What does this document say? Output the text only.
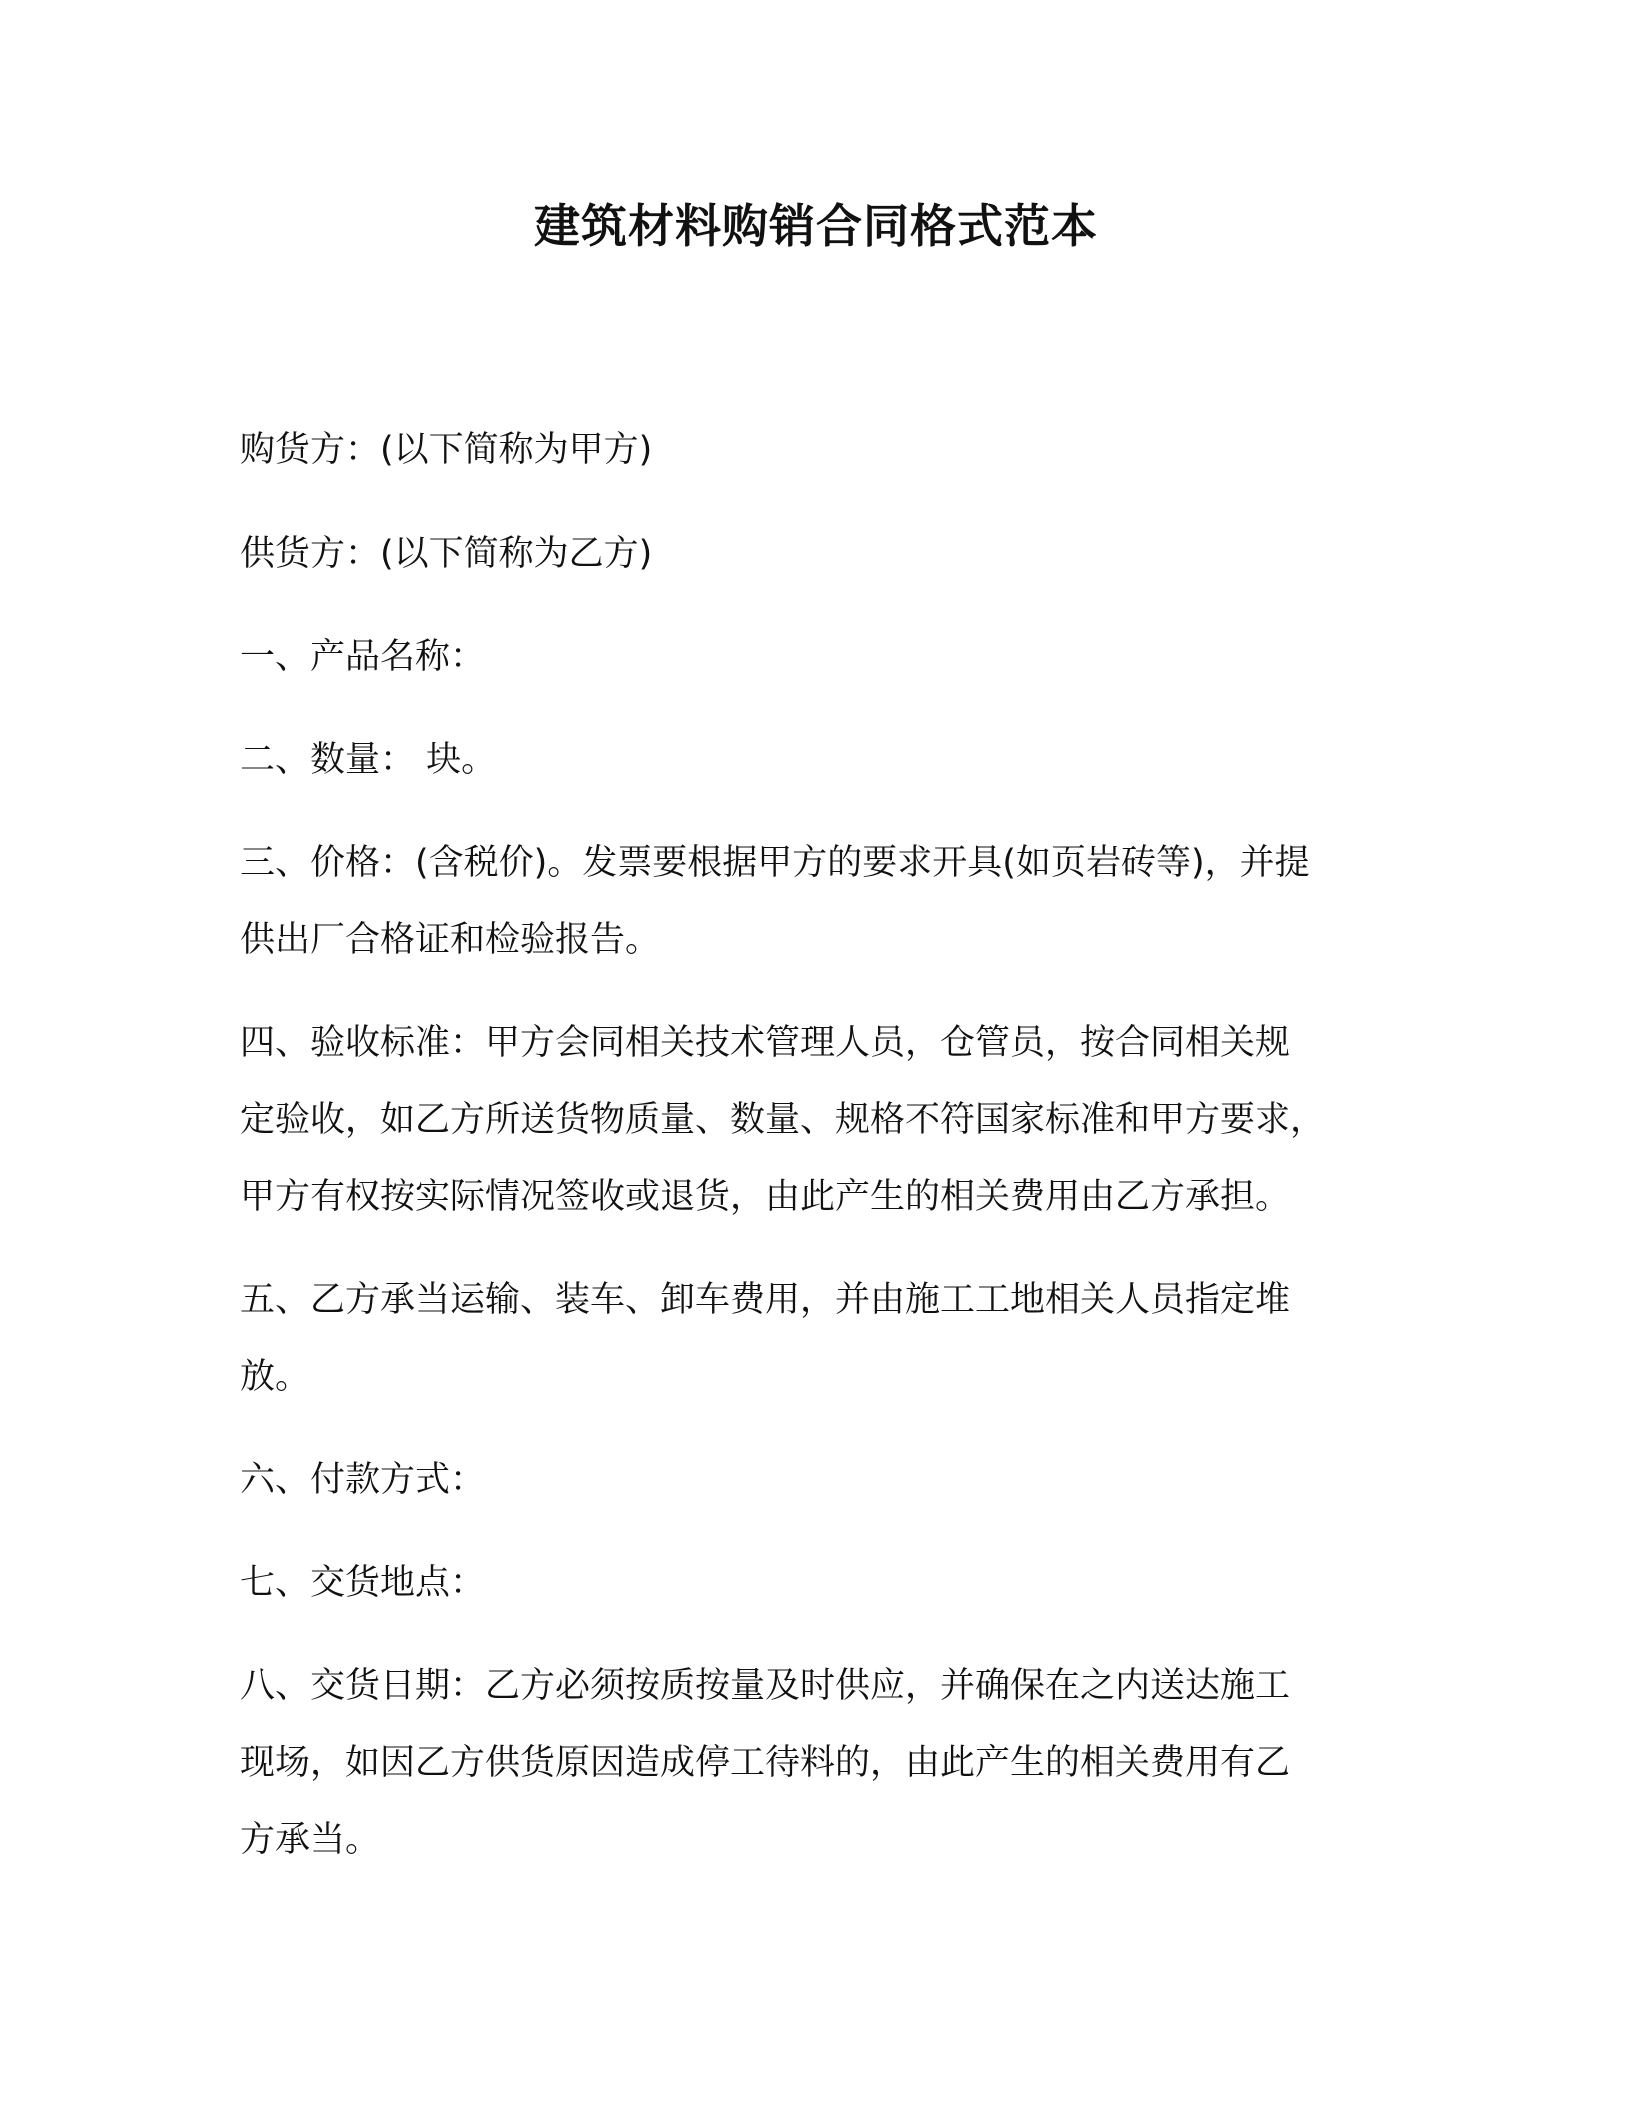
建筑材料购销合同格式范本
购货方：(以下简称为甲方)
供货方：(以下简称为乙方)
一、产品名称：
二、数量： 块。
三、价格：(含税价)。发票要根据甲方的要求开具(如页岩砖等)，并提
供出厂合格证和检验报告。
四、验收标准：甲方会同相关技术管理人员，仓管员，按合同相关规
定验收，如乙方所送货物质量、数量、规格不符国家标准和甲方要求，
甲方有权按实际情况签收或退货，由此产生的相关费用由乙方承担。
五、乙方承当运输、装车、卸车费用，并由施工工地相关人员指定堆
放。
六、付款方式：
七、交货地点：
八、交货日期：乙方必须按质按量及时供应，并确保在之内送达施工
现场，如因乙方供货原因造成停工待料的，由此产生的相关费用有乙
方承当。
